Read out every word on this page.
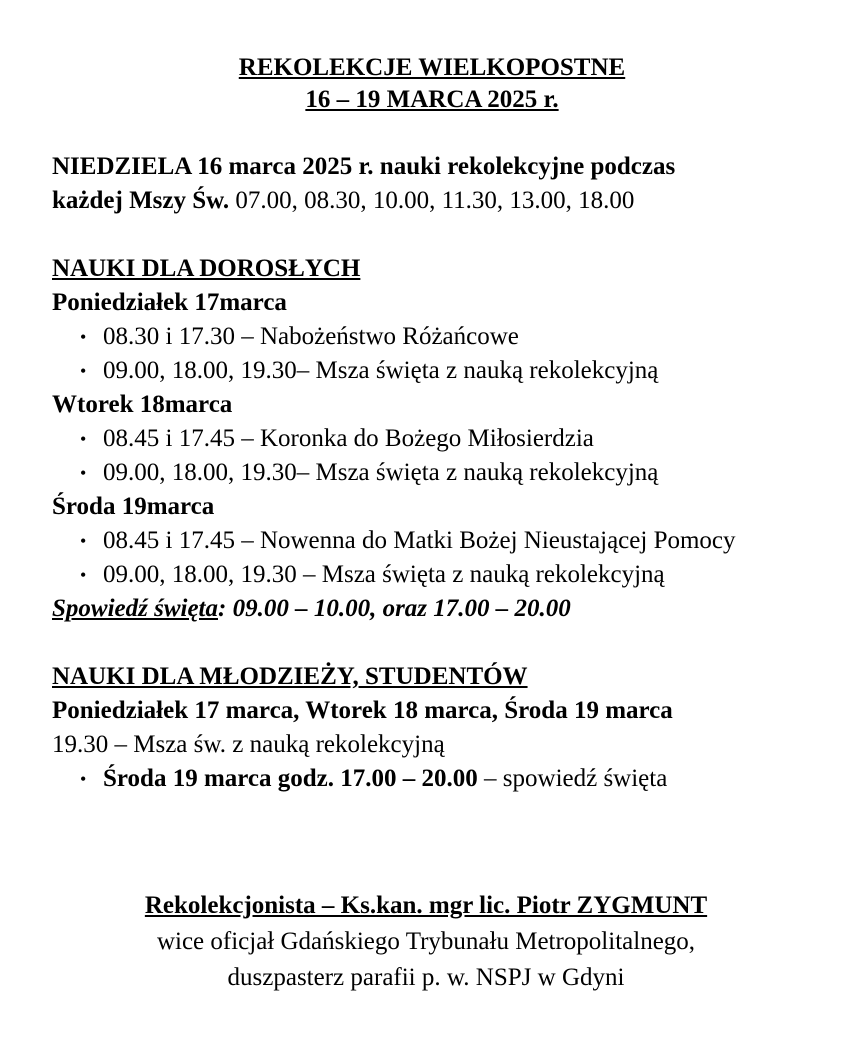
REKOLEKCJE WIELKOPOSTNE
16 – 19 MARCA 2025 r.
NIEDZIELA 16 marca 2025 r. nauki rekolekcyjne podczas
każdej Mszy Św. 07.00, 08.30, 10.00, 11.30, 13.00, 18.00
NAUKI DLA DOROSŁYCH
Poniedziałek 17marca
• 08.30 i 17.30 – Nabożeństwo Różańcowe
• 09.00, 18.00, 19.30– Msza święta z nauką rekolekcyjną
Wtorek 18marca
• 08.45 i 17.45 – Koronka do Bożego Miłosierdzia
• 09.00, 18.00, 19.30– Msza święta z nauką rekolekcyjną
Środa 19marca
• 08.45 i 17.45 – Nowenna do Matki Bożej Nieustającej Pomocy
• 09.00, 18.00, 19.30 – Msza święta z nauką rekolekcyjną
Spowiedź święta: 09.00 – 10.00, oraz 17.00 – 20.00
NAUKI DLA MŁODZIEŻY, STUDENTÓW
Poniedziałek 17 marca, Wtorek 18 marca, Środa 19 marca
19.30 – Msza św. z nauką rekolekcyjną
• Środa 19 marca godz. 17.00 – 20.00 – spowiedź święta
Rekolekcjonista – Ks.kan. mgr lic. Piotr ZYGMUNT
wice oficjał Gdańskiego Trybunału Metropolitalnego,
duszpasterz parafii p. w. NSPJ w Gdyni
